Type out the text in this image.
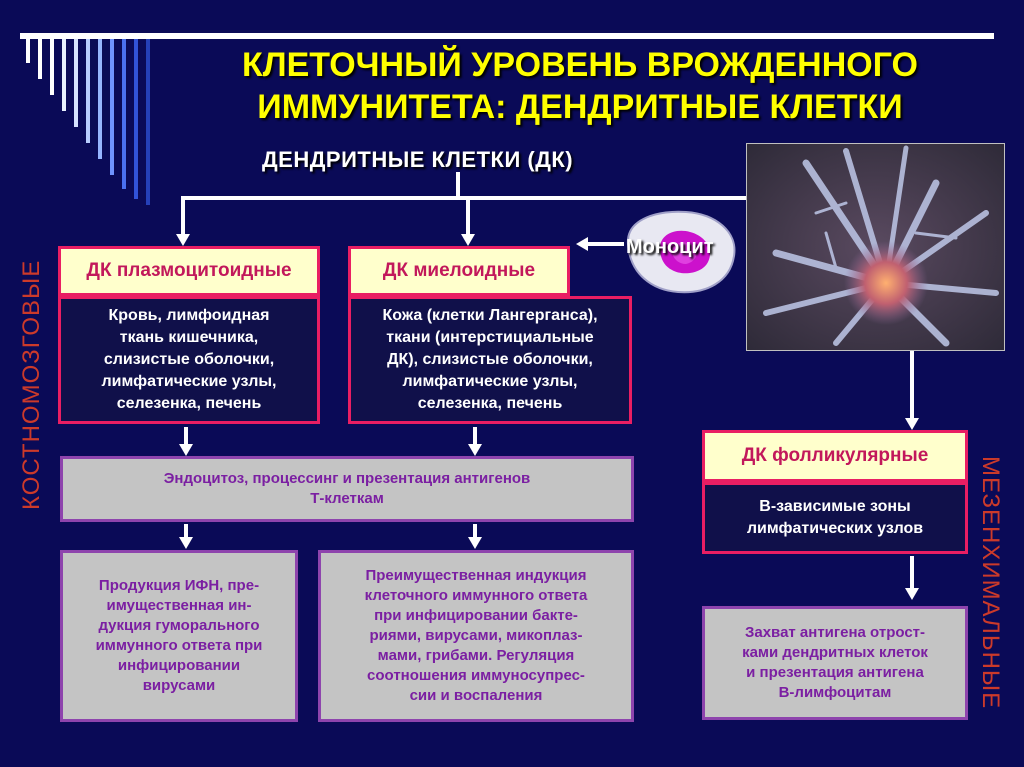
КЛЕТОЧНЫЙ УРОВЕНЬ ВРОЖДЕННОГО ИММУНИТЕТА: ДЕНДРИТНЫЕ КЛЕТКИ
ДЕНДРИТНЫЕ КЛЕТКИ (ДК)
Моноцит
ДК плазмоцитоидные
Кровь, лимфоидная
ткань кишечника,
слизистые оболочки,
лимфатические узлы,
селезенка, печень
ДК миелоидные
Кожа (клетки Лангерганса),
ткани (интерстициальные
ДК), слизистые оболочки,
лимфатические узлы,
селезенка, печень
Эндоцитоз, процессинг и презентация антигенов
Т-клеткам
Продукция ИФН, пре-
имущественная ин-
дукция гуморального
иммунного ответа при
инфицировании
вирусами
Преимущественная индукция
клеточного иммунного ответа
при инфицировании бакте-
риями, вирусами, микоплаз-
мами, грибами. Регуляция
соотношения иммуносупрес-
сии и воспаления
ДК фолликулярные
В-зависимые зоны
лимфатических узлов
Захват антигена отрост-
ками дендритных клеток
и презентация антигена
В-лимфоцитам
КОСТНОМОЗГОВЫЕ
МЕЗЕНХИМАЛЬНЫЕ
